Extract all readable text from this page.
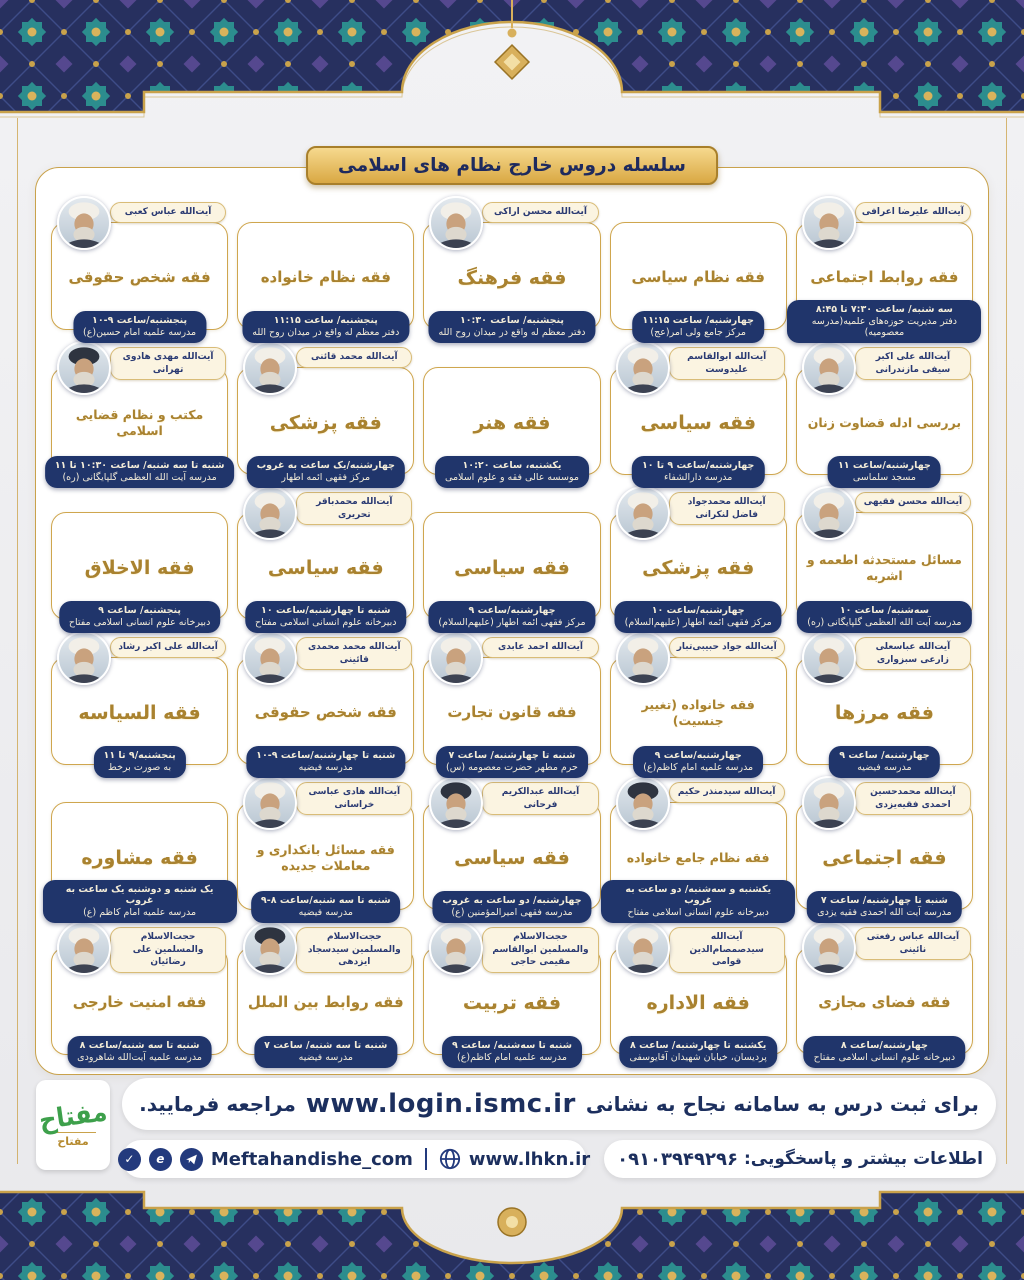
سلسله دروس خارج نظام های اسلامی
فقه روابط اجتماعی
آیت‌الله علیرضا اعرافی
سه شنبه/ ساعت ۷:۳۰ تا ۸:۴۵
دفتر مدیریت حوزه‌های علمیه(مدرسه معصومیه)
فقه نظام سیاسی
چهارشنبه/ ساعت ۱۱:۱۵
مرکز جامع ولی امر(عج)
فقه فرهنگ
آیت‌الله محسن اراکی
پنجشنبه/ ساعت ۱۰:۳۰
دفتر معظم له واقع در میدان روح الله
فقه نظام خانواده
پنجشنبه/ ساعت ۱۱:۱۵
دفتر معظم له واقع در میدان روح الله
فقه شخص حقوقی
آیت‌الله عباس کعبی
پنجشنبه/ساعت ۹-۱۰
مدرسه علمیه امام حسین(ع)
بررسی ادله قضاوت زنان
آیت‌الله علی اکبر سیفی مازندرانی
چهارشنبه/ساعت ۱۱
مسجد سلماسی
فقه سیاسی
آیت‌الله ابوالقاسم علیدوست
چهارشنبه/ساعت ۹ تا ۱۰
مدرسه دارالشفاء
فقه هنر
یکشنبه، ساعت ۱۰:۲۰
موسسه عالی فقه و علوم اسلامی
فقه پزشکی
آیت‌الله محمد قائنی
چهارشنبه/یک ساعت به غروب
مرکز فقهی ائمه اطهار
مکتب و نظام قضایی اسلامی
آیت‌الله مهدی هادوی تهرانی
شنبه تا سه شنبه/ ساعت ۱۰:۳۰ تا ۱۱
مدرسه آیت الله العظمی گلپایگانی (ره)
مسائل مستحدثه اطعمه و اشربه
آیت‌الله محسن فقیهی
سه‌شنبه/ ساعت ۱۰
مدرسه آیت الله العظمی گلپایگانی (ره)
فقه پزشکی
آیت‌الله محمدجواد فاضل لنکرانی
چهارشنبه/ساعت ۱۰
مرکز فقهی ائمه اطهار (علیهم‌السلام)
فقه سیاسی
چهارشنبه/ساعت ۹
مرکز فقهی ائمه اطهار (علیهم‌السلام)
فقه سیاسی
آیت‌الله محمدباقر تحریری
شنبه تا چهارشنبه/ساعت ۱۰
دبیرخانه علوم انسانی اسلامی مفتاح
فقه الاخلاق
پنجشنبه/ ساعت ۹
دبیرخانه علوم انسانی اسلامی مفتاح
فقه مرزها
آیت‌الله عباسعلی زارعی سبزواری
چهارشنبه/ ساعت ۹
مدرسه فیضیه
فقه خانواده (تغییر جنسیت)
آیت‌الله جواد حبیبی‌تبار
چهارشنبه/ساعت ۹
مدرسه علمیه امام کاظم(ع)
فقه قانون تجارت
آیت‌الله احمد عابدی
شنبه تا چهارشنبه/ ساعت ۷
حرم مطهر حضرت معصومه (س)
فقه شخص حقوقی
آیت‌الله محمد محمدی قائینی
شنبه تا چهارشنبه/ساعت ۹-۱۰
مدرسه فیضیه
فقه السیاسه
آیت‌الله علی اکبر رشاد
پنجشنبه/۹ تا ۱۱
به صورت برخط
فقه اجتماعی
آیت‌الله محمدحسین احمدی فقیه‌یزدی
شنبه تا چهارشنبه/ ساعت ۷
مدرسه آیت الله احمدی فقیه یزدی
فقه نظام جامع خانواده
آیت‌الله سیدمنذر حکیم
یکشنبه و سه‌شنبه/ دو ساعت به غروب
دبیرخانه علوم انسانی اسلامی مفتاح
فقه سیاسی
آیت‌الله عبدالکریم فرحانی
چهارشنبه/ دو ساعت به غروب
مدرسه فقهی امیرالمؤمنین (ع)
فقه مسائل بانکداری و معاملات جدیده
آیت‌الله هادی عباسی خراسانی
شنبه تا سه شنبه/ساعت ۸-۹
مدرسه فیضیه
فقه مشاوره
یک شنبه و دوشنبه یک ساعت به غروب
مدرسه علمیه امام کاظم (ع)
فقه فضای مجازی
آیت‌الله عباس رفعتی نائینی
چهارشنبه/ساعت ۸
دبیرخانه علوم انسانی اسلامی مفتاح
فقه الاداره
آیت‌الله سیدصمصام‌الدین قوامی
یکشنبه تا چهارشنبه/ ساعت ۸
پردیسان، خیابان شهیدان آقایوسفی
فقه تربیت
حجت‌الاسلام والمسلمین ابوالقاسم مقیمی حاجی
شنبه تا سه‌شنبه/ ساعت ۹
مدرسه علمیه امام کاظم(ع)
فقه روابط بین الملل
حجت‌الاسلام والمسلمین سیدسجاد ایزدهی
شنبه تا سه شنبه/ ساعت ۷
مدرسه فیضیه
فقه امنیت خارجی
حجت‌الاسلام والمسلمین علی رضائیان
شنبه تا سه شنبه/ساعت ۸
مدرسه علمیه آیت‌الله شاهرودی
مفتاح
مفتاح
برای ثبت درس به سامانه نجاح به نشانی
www.login.ismc.ir
مراجعه فرمایید.
اطلاعات بیشتر و پاسخگویی:
۰۹۱۰۳۹۴۹۲۹۶
✓	e	Meftahandishe_com	www.lhkn.ir
